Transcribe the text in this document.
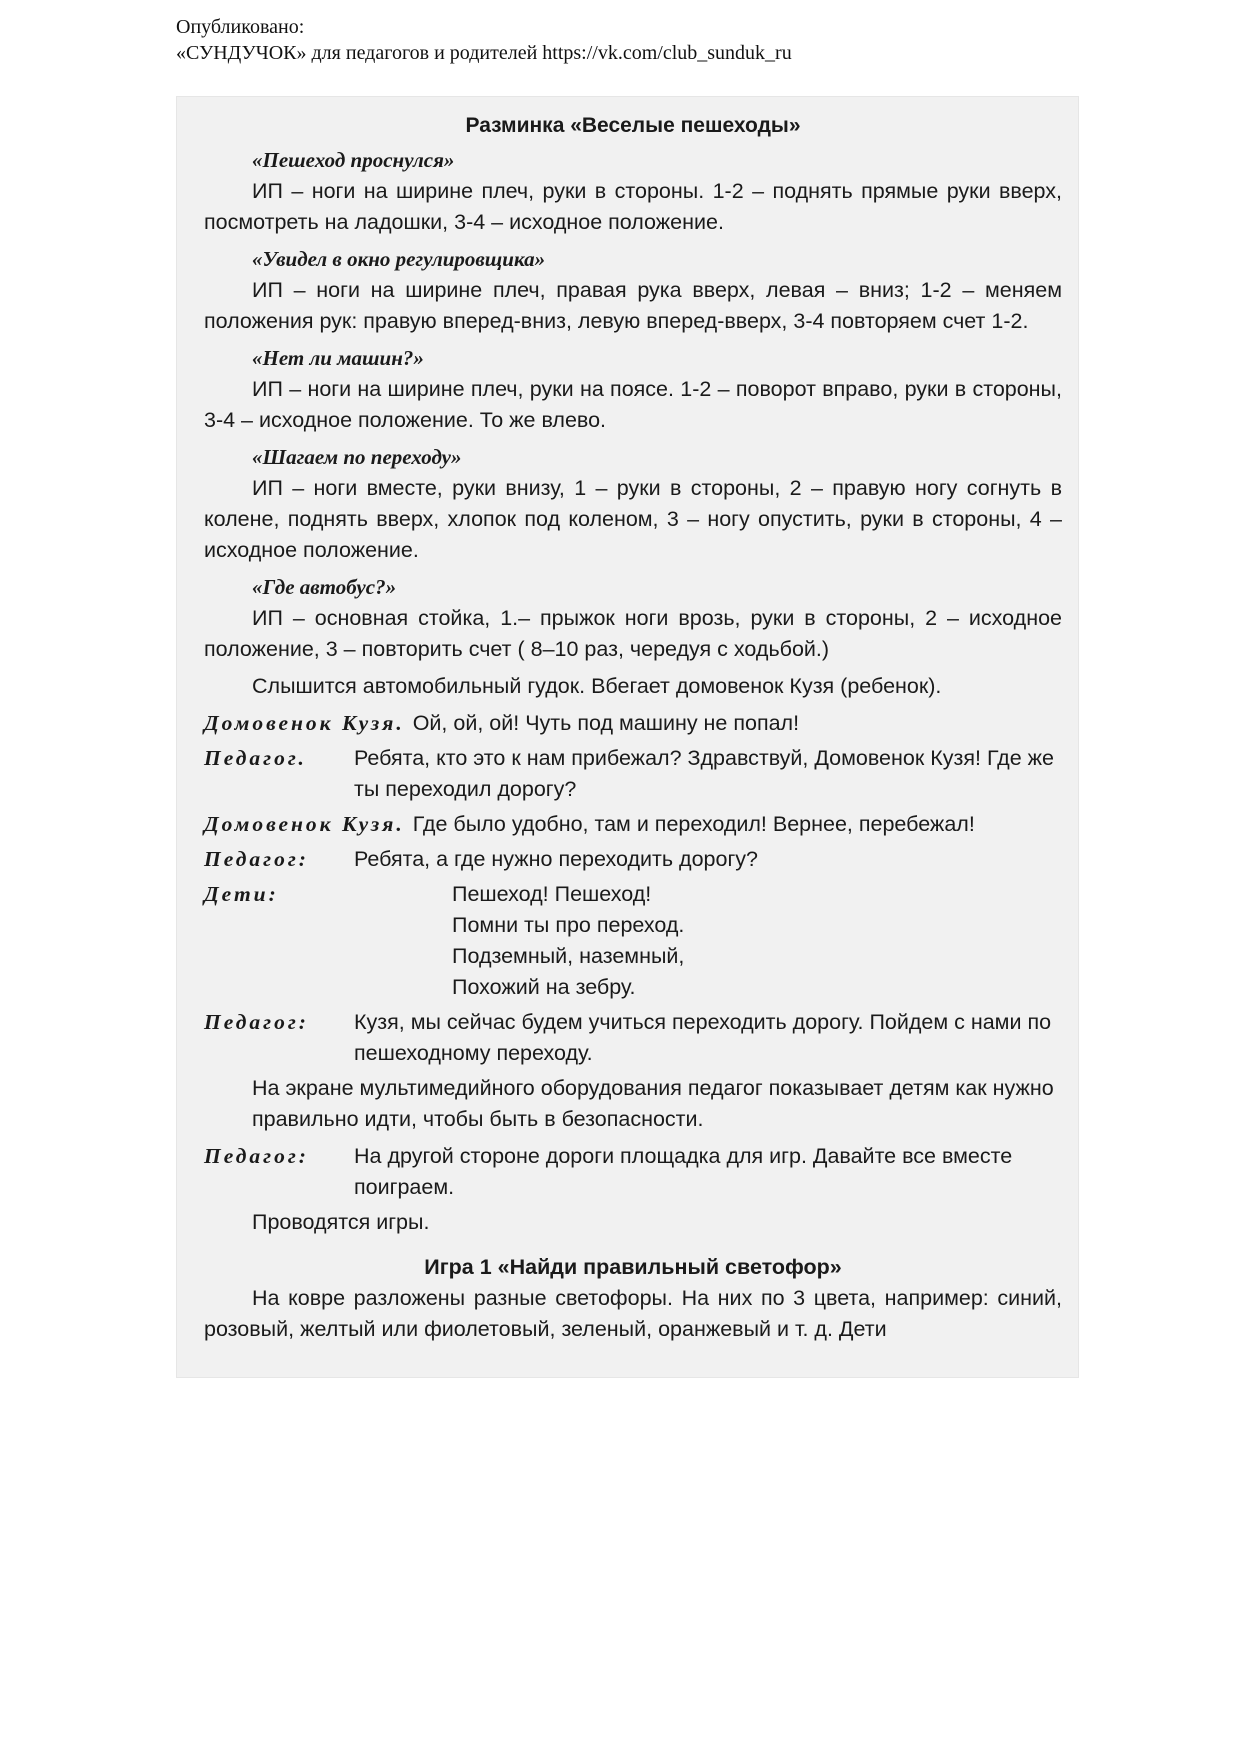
Опубликовано:
«СУНДУЧОК» для педагогов и родителей https://vk.com/club_sunduk_ru
Разминка «Веселые пешеходы»
«Пешеход проснулся»
ИП – ноги на ширине плеч, руки в стороны. 1-2 – поднять прямые руки вверх, посмотреть на ладошки, 3-4 – исходное положение.
«Увидел в окно регулировщика»
ИП – ноги на ширине плеч, правая рука вверх, левая – вниз; 1-2 – меняем положения рук: правую вперед-вниз, левую вперед-вверх, 3-4 повторяем счет 1-2.
«Нет ли машин?»
ИП – ноги на ширине плеч, руки на поясе. 1-2 – поворот вправо, руки в стороны, 3-4 – исходное положение. То же влево.
«Шагаем по переходу»
ИП – ноги вместе, руки внизу, 1 – руки в стороны, 2 – правую ногу согнуть в колене, поднять вверх, хлопок под коленом, 3 – ногу опустить, руки в стороны, 4 – исходное положение.
«Где автобус?»
ИП – основная стойка, 1.– прыжок ноги врозь, руки в стороны, 2 – исходное положение, 3 – повторить счет ( 8–10 раз, чередуя с ходьбой.)
Слышится автомобильный гудок. Вбегает домовенок Кузя (ребенок).
Домовенок Кузя. Ой, ой, ой! Чуть под машину не попал!
Педагог.	Ребята, кто это к нам прибежал? Здравствуй, Домовенок Кузя! Где же ты переходил дорогу?
Домовенок Кузя. Где было удобно, там и переходил! Вернее, перебежал!
Педагог:	Ребята, а где нужно переходить дорогу?
Дети:	Пешеход! Пешеход!
Помни ты про переход.
Подземный, наземный,
Похожий на зебру.
Педагог:	Кузя, мы сейчас будем учиться переходить дорогу. Пойдем с нами по пешеходному переходу.
На экране мультимедийного оборудования педагог показывает детям как нужно правильно идти, чтобы быть в безопасности.
Педагог:	На другой стороне дороги площадка для игр. Давайте все вместе поиграем.
Проводятся игры.
Игра 1 «Найди правильный светофор»
На ковре разложены разные светофоры. На них по 3 цвета, например: синий, розовый, желтый или фиолетовый, зеленый, оранжевый и т. д. Дети
